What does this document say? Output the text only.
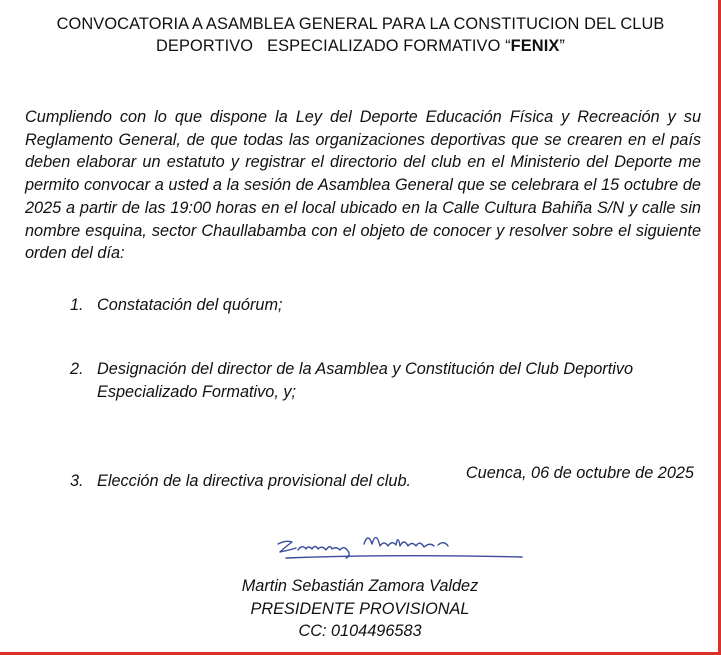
CONVOCATORIA A ASAMBLEA GENERAL PARA LA CONSTITUCION DEL CLUB
DEPORTIVO   ESPECIALIZADO FORMATIVO “FENIX”
Cumpliendo con lo que dispone la Ley del Deporte Educación Física y Recreación y su Reglamento General, de que todas las organizaciones deportivas que se crearen en el país deben elaborar un estatuto y registrar el directorio del club en el Ministerio del Deporte me permito convocar a usted a la sesión de Asamblea General que se celebrara el 15 octubre de 2025 a partir de las 19:00 horas en el local ubicado en la Calle Cultura Bahiña S/N y calle sin nombre esquina, sector Chaullabamba con el objeto de conocer y resolver sobre el siguiente orden del día:
1. Constatación del quórum;
2. Designación del director de la Asamblea y Constitución del Club Deportivo Especializado Formativo, y;
3. Elección de la directiva provisional del club.	Cuenca, 06 de octubre de 2025
Martin Sebastián Zamora Valdez
PRESIDENTE PROVISIONAL
CC: 0104496583
